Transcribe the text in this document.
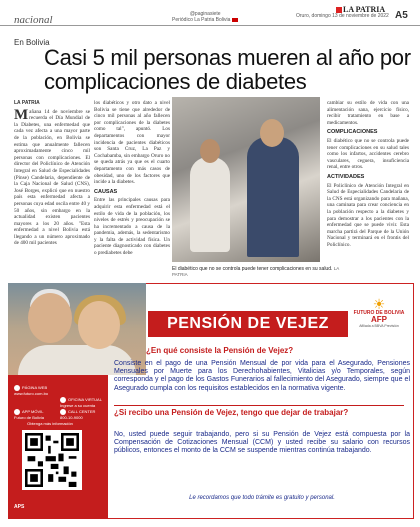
nacional	@paginasiete
Periódico La Patria Bolivia
Oruro, domingo 13 de noviembre de 2022
LA PATRIA
A5
En Bolivia
Casi 5 mil personas mueren al año por complicaciones de diabetes
LA PATRIA

Mañana 14 de noviembre se recuerda el Día Mundial de la Diabetes, una enfermedad que cada vez afecta a una mayor parte de la población, en Bolivia se estima que anualmente fallecen aproximadamente cinco mil personas con complicaciones. El director del Policlínico de Atención Integral en Salud de Especialidades (Pinse) Candelaria, dependiente de la Caja Nacional de Salud (CNS), José Borges, explicó que en nuestro país esta enfermedad afecta a personas cuya edad oscila entre 40 y 50 años, sin embargo en la actualidad existen pacientes mayores a los 20 años. "Esta enfermedad a nivel Bolivia está llegando a un número aproximado de 400 mil pacientes

los diabéticos y otro dato a nivel Bolivia se tiene que alrededor de cinco mil personas al año fallecen por complicaciones de la diabetes como tal", apuntó. Los departamentos con mayor incidencia de pacientes diabéticos son Santa Cruz, La Paz y Cochabamba, sin embargo Oruro no se queda atrás ya que es el cuarto departamento con más casos de obesidad, uno de los factores que incide a la diabetes.

CAUSAS

Entre las principales causas para adquirir esta enfermedad está el estilo de vida de la población, los niveles de estrés y preocupación se ha incrementado a causa de la pandemia, además, la sedentarismo y la falta de actividad física. Un paciente diagnosticado con diabetes o prediabetes debe

cambiar su estilo de vida con una alimentación sana, ejercicio físico, recibir tratamiento en base a medicamentos.

COMPLICACIONES

El diabético que no se controla puede tener complicaciones en su salud tales como los infartos, accidentes cerebro vasculares, ceguera, insuficiencia renal, entre otros.

ACTIVIDADES

El Policlínico de Atención Integral en Salud de Especialidades Candelaria de la CNS está organizando para mañana, una caminata para crear conciencia en la población respecto a la diabetes y para demostrar a los pacientes con la enfermedad que se puede vivir. Esta marcha partirá del Parque de la Unión Nacional y terminará en el frontis del Policlínico.

El diabético que no se controla puede tener complicaciones en su salud. LA PATRIA
PÁGINA WEB
www.futuro.com.bo
OFICINA VIRTUAL
Ingrese a su cuenta
APP MÓVIL
Futuro de Bolivia
CALL CENTER
800-10-9000
Obtenga más información
APS
PENSIÓN DE VEJEZ
☀
FUTURO DE BOLIVIA
AFP
Afiliada a BBVA Previsión
¿En qué consiste la Pensión de Vejez?
Consiste en el pago de una Pensión Mensual de por vida para el Asegurado, Pensiones Mensuales por Muerte para los Derechohabientes, Vitalicias y/o Temporales, según corresponda y el pago de los Gastos Funerarios al fallecimiento del Asegurado, siempre que el Asegurado cumpla con los requisitos establecidos en la normativa vigente.
¿Si recibo una Pensión de Vejez, tengo que dejar de trabajar?
No, usted puede seguir trabajando, pero si su Pensión de Vejez está compuesta por la Compensación de Cotizaciones Mensual (CCM) y usted recibe su salario con recursos públicos, entonces el monto de la CCM se suspende mientras continúa trabajando.
Le recordamos que todo trámite es gratuito y personal.
